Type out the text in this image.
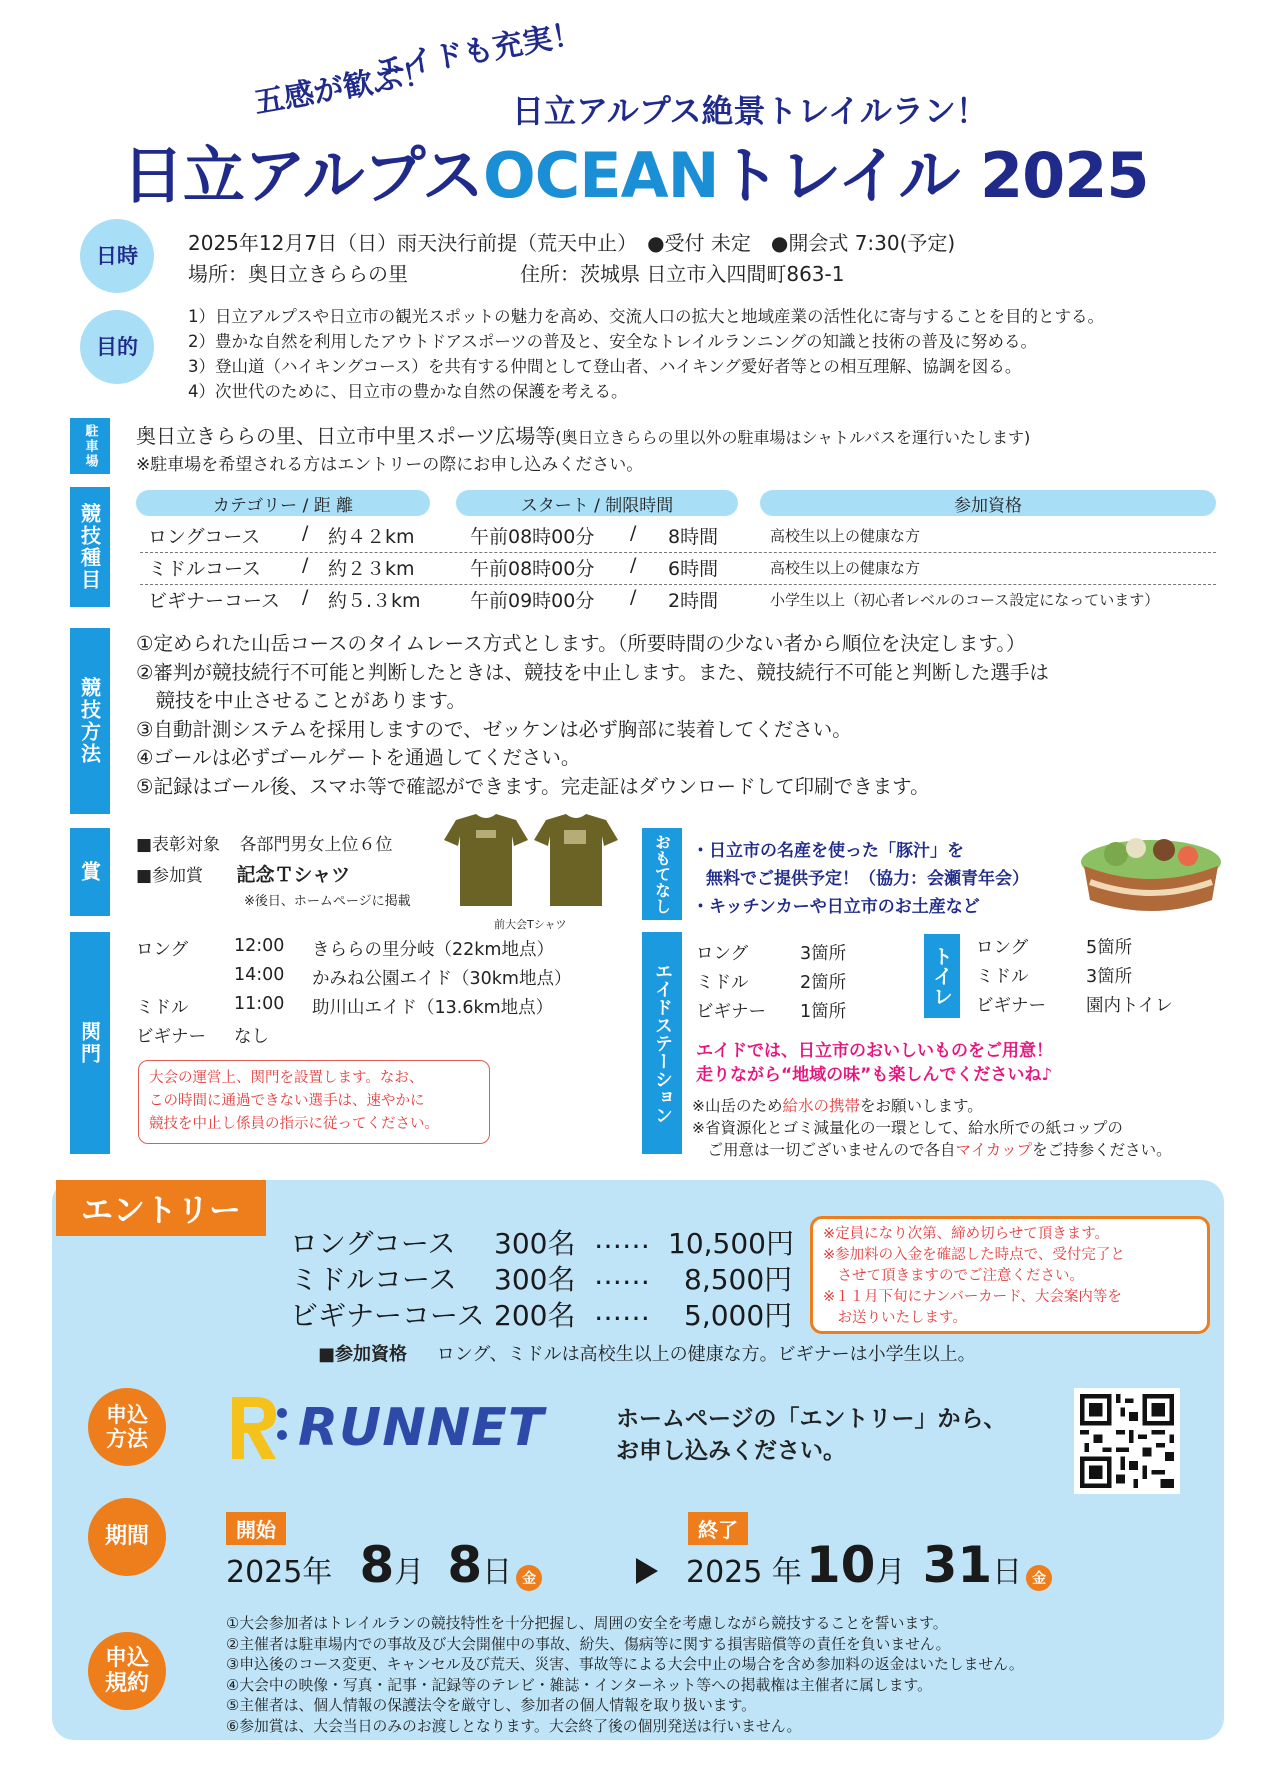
五感が歓ぶ！
エイドも充実！
日立アルプス絶景トレイルラン！
日立アルプスOCEANトレイル 2025
日時
2025年12月7日（日）雨天決行前提（荒天中止）　●受付 未定　●開会式 7:30(予定)
場所：奥日立きららの里	住所：茨城県 日立市入四間町863-1
目的
1）日立アルプスや日立市の観光スポットの魅力を高め、交流人口の拡大と地域産業の活性化に寄与することを目的とする。
2）豊かな自然を利用したアウトドアスポーツの普及と、安全なトレイルランニングの知識と技術の普及に努める。
3）登山道（ハイキングコース）を共有する仲間として登山者、ハイキング愛好者等との相互理解、協調を図る。
4）次世代のために、日立市の豊かな自然の保護を考える。
駐車場	奥日立きららの里、日立市中里スポーツ広場等(奥日立きららの里以外の駐車場はシャトルバスを運行いたします)
※駐車場を希望される方はエントリーの際にお申し込みください。
競技種目	カテゴリー / 距 離	スタート / 制限時間	参加資格
ロングコース / 約４２km	午前08時00分 / 8時間	高校生以上の健康な方
ミドルコース / 約２３km	午前08時00分 / 6時間	高校生以上の健康な方
ビギナーコース / 約５.３km	午前09時00分 / 2時間	小学生以上（初心者レベルのコース設定になっています）
競技方法
①定められた山岳コースのタイムレース方式とします。（所要時間の少ない者から順位を決定します。）
②審判が競技続行不可能と判断したときは、競技を中止します。また、競技続行不可能と判断した選手は
　競技を中止させることがあります。
③自動計測システムを採用しますので、ゼッケンは必ず胸部に装着してください。
④ゴールは必ずゴールゲートを通過してください。
⑤記録はゴール後、スマホ等で確認ができます。完走証はダウンロードして印刷できます。
賞
■表彰対象 各部門男女上位６位
■参加賞 記念Ｔシャツ
※後日、ホームページに掲載
前大会Tシャツ
おもてなし	・日立市の名産を使った「豚汁」を
無料でご提供予定！（協力：会瀬青年会）
・キッチンカーや日立市のお土産など
関門
ロング	12:00 きららの里分岐（22km地点）
14:00 かみね公園エイド（30km地点）
ミドル	11:00 助川山エイド（13.6km地点）
ビギナー なし
大会の運営上、関門を設置します。なお、
この時間に通過できない選手は、速やかに
競技を中止し係員の指示に従ってください。	エイドステーション
ロング	3箇所
ミドル	2箇所
ビギナー 1箇所
トイレ	ロング	5箇所
ミドル	3箇所
ビギナー 園内トイレ
エイドでは、日立市のおいしいものをご用意！
走りながら“地域の味”も楽しんでくださいね♪
※山岳のため給水の携帯をお願いします。
※省資源化とゴミ減量化の一環として、給水所での紙コップの
　ご用意は一切ございませんので各自マイカップをご持参ください。
エントリー
ロングコース 300名 …… 10,500円
ミドルコース 300名 …… 8,500円
ビギナーコース 200名 …… 5,000円
※定員になり次第、締め切らせて頂きます。
※参加料の入金を確認した時点で、受付完了と
　させて頂きますのでご注意ください。
※１１月下旬にナンバーカード、大会案内等を
　お送りいたします。
■参加資格 ロング、ミドルは高校生以上の健康な方。ビギナーは小学生以上。
申込方法	RUNNET	ホームページの「エントリー」から、
お申し込みください。
期間	開始	終了
2025年 8月 8日 金	2025 年10月 31日 金
申込規約
①大会参加者はトレイルランの競技特性を十分把握し、周囲の安全を考慮しながら競技することを誓います。
②主催者は駐車場内での事故及び大会開催中の事故、紛失、傷病等に関する損害賠償等の責任を負いません。
③申込後のコース変更、キャンセル及び荒天、災害、事故等による大会中止の場合を含め参加料の返金はいたしません。
④大会中の映像・写真・記事・記録等のテレビ・雑誌・インターネット等への掲載権は主催者に属します。
⑤主催者は、個人情報の保護法令を厳守し、参加者の個人情報を取り扱います。
⑥参加賞は、大会当日のみのお渡しとなります。大会終了後の個別発送は行いません。
